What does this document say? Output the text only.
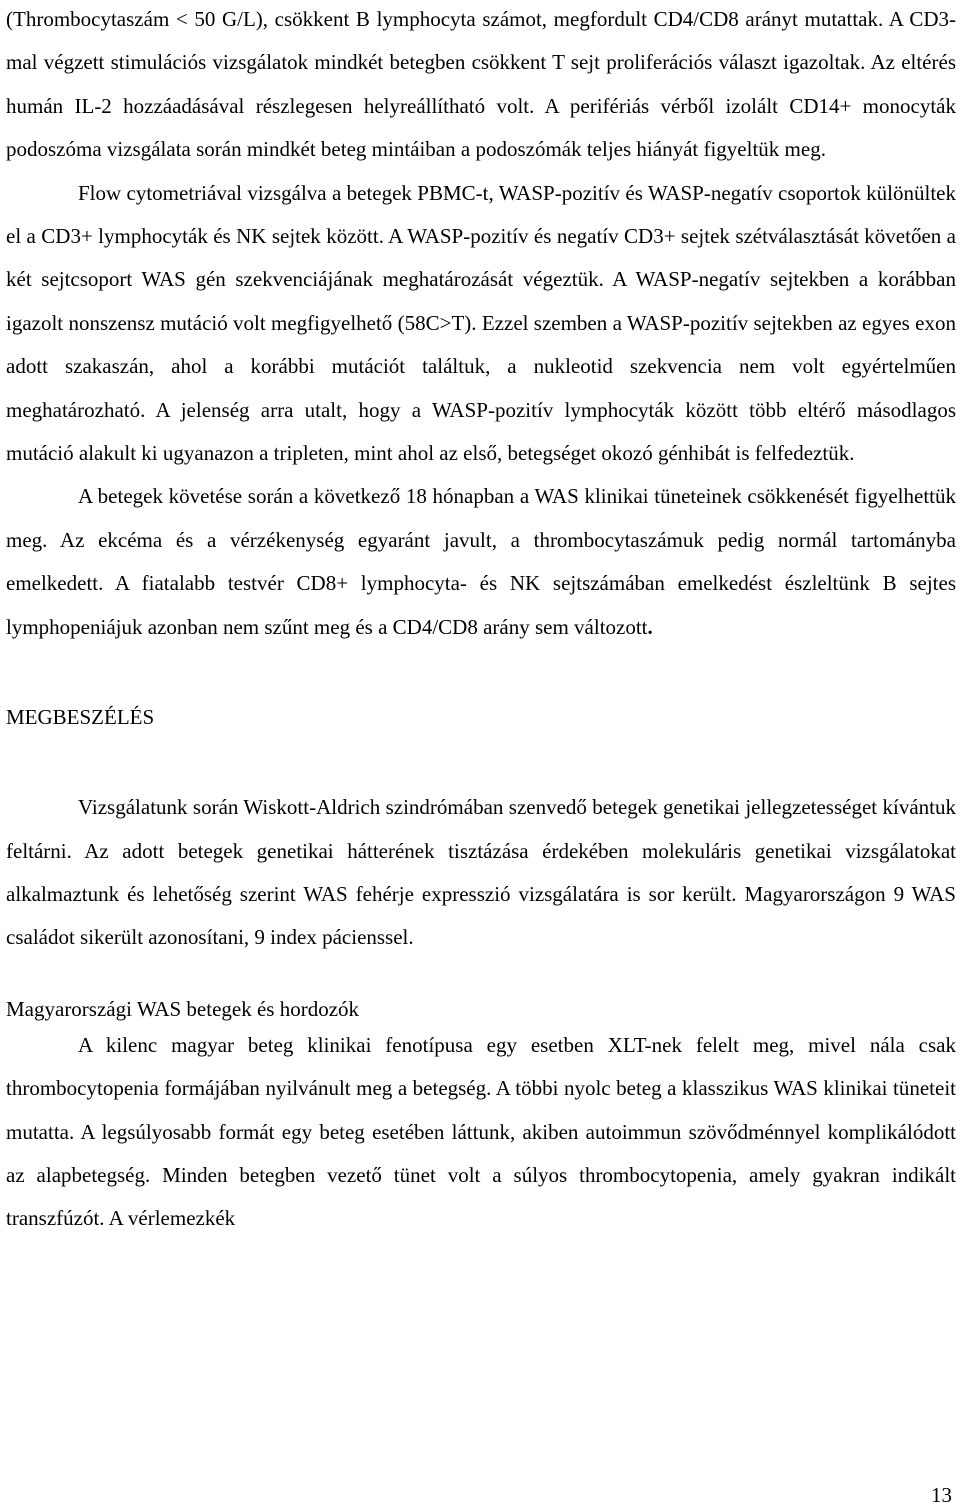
(Thrombocytaszám < 50 G/L), csökkent B lymphocyta számot, megfordult CD4/CD8 arányt mutattak. A CD3-mal végzett stimulációs vizsgálatok mindkét betegben csökkent T sejt proliferációs választ igazoltak. Az eltérés humán IL-2 hozzáadásával részlegesen helyreállítható volt. A perifériás vérből izolált CD14+ monocyták podoszóma vizsgálata során mindkét beteg mintáiban a podoszómák teljes hiányát figyeltük meg.

Flow cytometriával vizsgálva a betegek PBMC-t, WASP-pozitív és WASP-negatív csoportok különültek el a CD3+ lymphocyták és NK sejtek között. A WASP-pozitív és negatív CD3+ sejtek szétválasztását követően a két sejtcsoport WAS gén szekvenciájának meghatározását végeztük. A WASP-negatív sejtekben a korábban igazolt nonszensz mutáció volt megfigyelhető (58C>T). Ezzel szemben a WASP-pozitív sejtekben az egyes exon adott szakaszán, ahol a korábbi mutációt találtuk, a nukleotid szekvencia nem volt egyértelműen meghatározható. A jelenség arra utalt, hogy a WASP-pozitív lymphocyták között több eltérő másodlagos mutáció alakult ki ugyanazon a tripleten, mint ahol az első, betegséget okozó génhibát is felfedeztük.

A betegek követése során a következő 18 hónapban a WAS klinikai tüneteinek csökkenését figyelhettük meg. Az ekcéma és a vérzékenység egyaránt javult, a thrombocytaszámuk pedig normál tartományba emelkedett. A fiatalabb testvér CD8+ lymphocyta- és NK sejtszámában emelkedést észleltünk B sejtes lymphopeniájuk azonban nem szűnt meg és a CD4/CD8 arány sem változott.

MEGBESZÉLÉS

Vizsgálatunk során Wiskott-Aldrich szindrómában szenvedő betegek genetikai jellegzetességet kívántuk feltárni. Az adott betegek genetikai hátterének tisztázása érdekében molekuláris genetikai vizsgálatokat alkalmaztunk és lehetőség szerint WAS fehérje expresszió vizsgálatára is sor került. Magyarországon 9 WAS családot sikerült azonosítani, 9 index pácienssel.

Magyarországi WAS betegek és hordozók

A kilenc magyar beteg klinikai fenotípusa egy esetben XLT-nek felelt meg, mivel nála csak thrombocytopenia formájában nyilvánult meg a betegség. A többi nyolc beteg a klasszikus WAS klinikai tüneteit mutatta. A legsúlyosabb formát egy beteg esetében láttunk, akiben autoimmun szövődménnyel komplikálódott az alapbetegség. Minden betegben vezető tünet volt a súlyos thrombocytopenia, amely gyakran indikált transzfúzót. A vérlemezkék

13
